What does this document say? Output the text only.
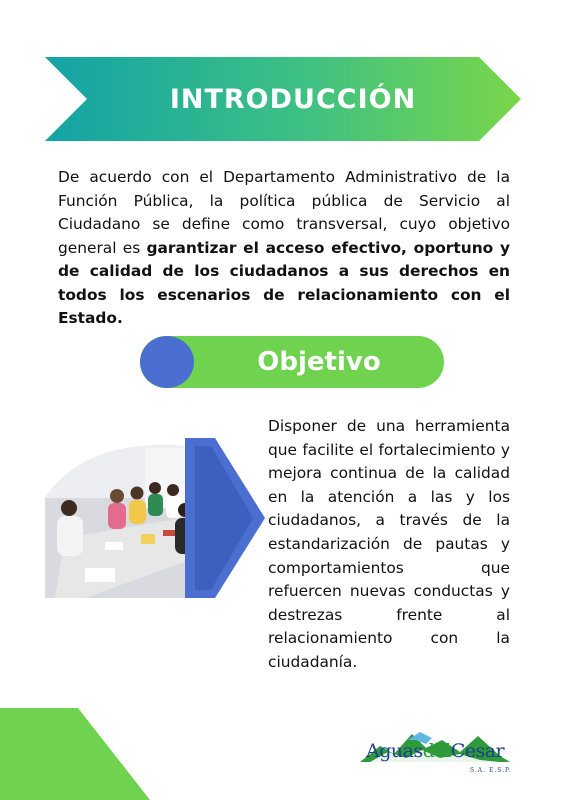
INTRODUCCIÓN

De acuerdo con el Departamento Administrativo de la Función Pública, la política pública de Servicio al Ciudadano se define como transversal, cuyo objetivo general es garantizar el acceso efectivo, oportuno y de calidad de los ciudadanos a sus derechos en todos los escenarios de relacionamiento con el Estado.

Objetivo

Disponer de una herramienta que facilite el fortalecimiento y mejora continua de la calidad en la atención a las y los ciudadanos, a través de la estandarización de pautas y comportamientos que refuercen nuevas conductas y destrezas frente al relacionamiento con la ciudadanía.

AguasdelCesar
S.A. E.S.P.
